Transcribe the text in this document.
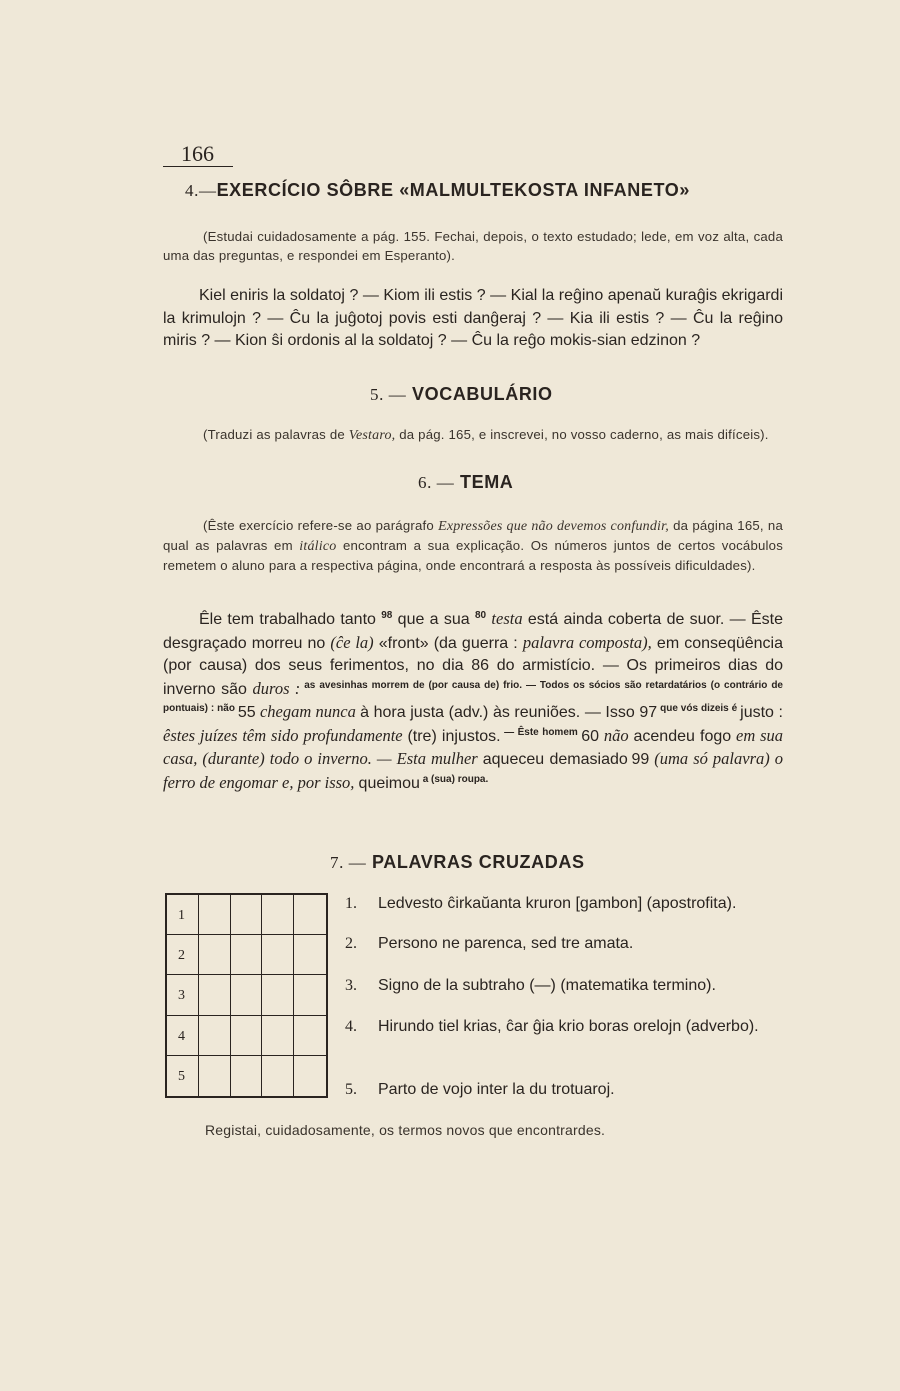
166
4.—EXERCÍCIO SÔBRE «MALMULTEKOSTA INFANETO»

(Estudai cuidadosamente a pág. 155. Fechai, depois, o texto estudado; lede, em voz alta, cada uma das preguntas, e respondei em Esperanto).

Kiel eniris la soldatoj ? — Kiom ili estis ? — Kial la reĝino apenaŭ kuraĝis ekrigardi la krimulojn ? — Ĉu la juĝotoj povis esti danĝeraj ? — Kia ili estis ? — Ĉu la reĝino miris ? — Kion ŝi ordonis al la soldatoj ? — Ĉu la reĝo mokis-sian edzinon ?

5. — VOCABULÁRIO

(Traduzi as palavras de Vestaro, da pág. 165, e inscrevei, no vosso caderno, as mais difíceis).

6. — TEMA

(Êste exercício refere-se ao parágrafo Expressões que não devemos confundir, da página 165, na qual as palavras em itálico encontram a sua explicação. Os números juntos de certos vocábulos remetem o aluno para a respectiva página, onde encontrará a resposta às possíveis dificuldades).

Êle tem trabalhado tanto $^{98}$ que a sua $^{80}$ testa está ainda coberta de suor. — Êste desgraçado morreu no (ĉe la) «front» (da guerra : palavra composta), em conseqüência (por causa) dos seus ferimentos, no dia 86 do armistício. — Os primeiros dias do inverno são duros : $^{as avesinhas morrem de (por causa de) frio. — Todos os sócios são retardatários (o contrário de pontuais) : não}$ 55 chegam nunca à hora justa (adv.) às reuniões. — Isso 97 $^{que vós dizeis é}$ justo : êstes juízes têm sido profundamente (tre) injustos. $^{— Êste homem}$ 60 não acendeu fogo em sua casa, (durante) todo o inverno. — Esta mulher aqueceu demasiado 99 (uma só palavra) o ferro de engomar e, por isso, queimou $^{a (sua) roupa.}$

7. — PALAVRAS CRUZADAS
1
2
3
4
5
1. Ledvesto ĉirkaŭanta kruron [gambon] (apostrofita).
2. Persono ne parenca, sed tre amata.
3. Signo de la subtraho (—) (matematika termino).
4. Hirundo tiel krias, ĉar ĝia krio boras orelojn (adverbo).
5. Parto de vojo inter la du trotuaroj.
Registai, cuidadosamente, os termos novos que encontrardes.
